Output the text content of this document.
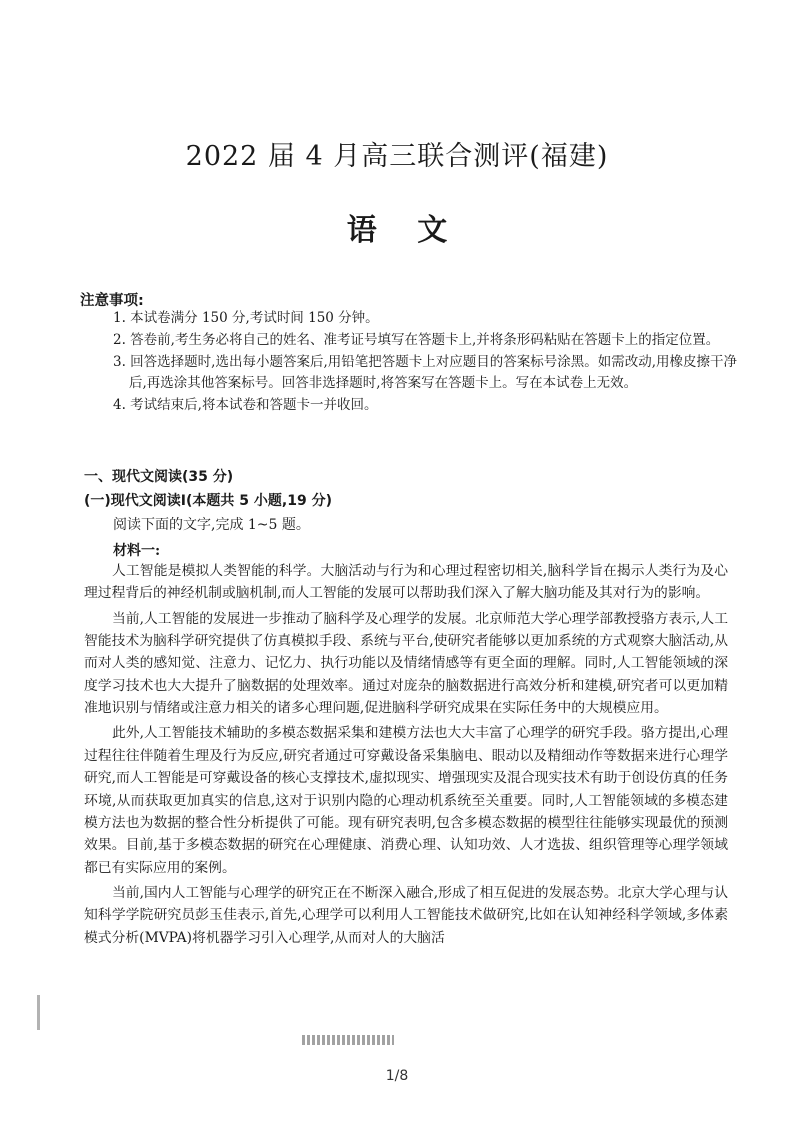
2022 届 4 月高三联合测评(福建)
语 文
注意事项:

1. 本试卷满分 150 分,考试时间 150 分钟。

2. 答卷前,考生务必将自己的姓名、准考证号填写在答题卡上,并将条形码粘贴在答题卡上的指定位置。

3. 回答选择题时,选出每小题答案后,用铅笔把答题卡上对应题目的答案标号涂黑。如需改动,用橡皮擦干净后,再选涂其他答案标号。回答非选择题时,将答案写在答题卡上。写在本试卷上无效。

4. 考试结束后,将本试卷和答题卡一并收回。

一、现代文阅读(35 分)
(一)现代文阅读Ⅰ(本题共 5 小题,19 分)
阅读下面的文字,完成 1~5 题。
材料一:

人工智能是模拟人类智能的科学。大脑活动与行为和心理过程密切相关,脑科学旨在揭示人类行为及心理过程背后的神经机制或脑机制,而人工智能的发展可以帮助我们深入了解大脑功能及其对行为的影响。

当前,人工智能的发展进一步推动了脑科学及心理学的发展。北京师范大学心理学部教授骆方表示,人工智能技术为脑科学研究提供了仿真模拟手段、系统与平台,使研究者能够以更加系统的方式观察大脑活动,从而对人类的感知觉、注意力、记忆力、执行功能以及情绪情感等有更全面的理解。同时,人工智能领域的深度学习技术也大大提升了脑数据的处理效率。通过对庞杂的脑数据进行高效分析和建模,研究者可以更加精准地识别与情绪或注意力相关的诸多心理问题,促进脑科学研究成果在实际任务中的大规模应用。

此外,人工智能技术辅助的多模态数据采集和建模方法也大大丰富了心理学的研究手段。骆方提出,心理过程往往伴随着生理及行为反应,研究者通过可穿戴设备采集脑电、眼动以及精细动作等数据来进行心理学研究,而人工智能是可穿戴设备的核心支撑技术,虚拟现实、增强现实及混合现实技术有助于创设仿真的任务环境,从而获取更加真实的信息,这对于识别内隐的心理动机系统至关重要。同时,人工智能领域的多模态建模方法也为数据的整合性分析提供了可能。现有研究表明,包含多模态数据的模型往往能够实现最优的预测效果。目前,基于多模态数据的研究在心理健康、消费心理、认知功效、人才选拔、组织管理等心理学领域都已有实际应用的案例。

当前,国内人工智能与心理学的研究正在不断深入融合,形成了相互促进的发展态势。北京大学心理与认知科学学院研究员彭玉佳表示,首先,心理学可以利用人工智能技术做研究,比如在认知神经科学领域,多体素模式分析(MVPA)将机器学习引入心理学,从而对人的大脑活

1/8
